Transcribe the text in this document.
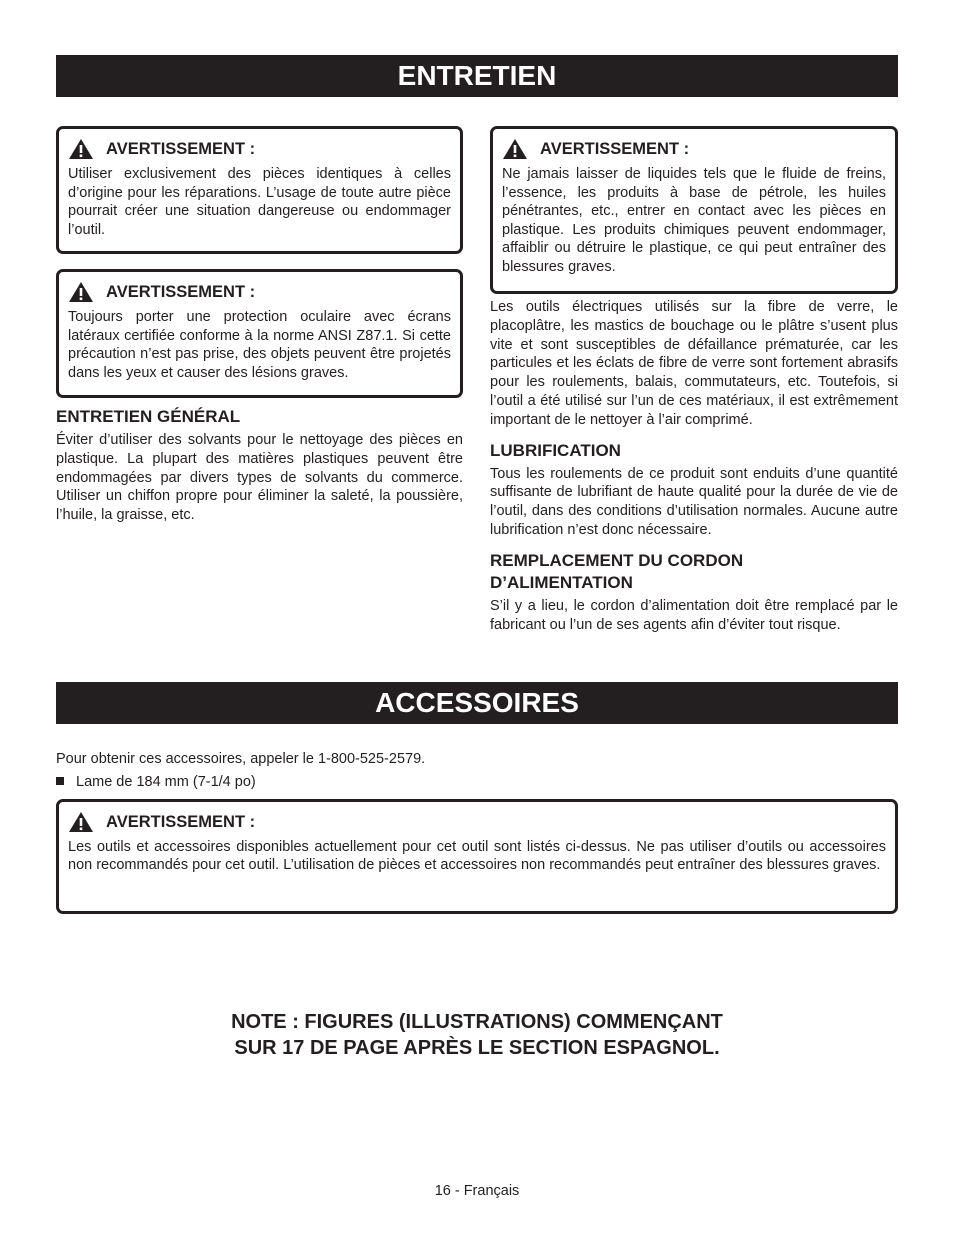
ENTRETIEN
AVERTISSEMENT :
Utiliser exclusivement des pièces identiques à celles d’origine pour les réparations. L’usage de toute autre pièce pourrait créer une situation dangereuse ou endommager l’outil.
AVERTISSEMENT :
Toujours porter une protection oculaire avec écrans latéraux certifiée conforme à la norme ANSI Z87.1. Si cette précaution n’est pas prise, des objets peuvent être projetés dans les yeux et causer des lésions graves.
ENTRETIEN GÉNÉRAL

Éviter d’utiliser des solvants pour le nettoyage des pièces en plastique. La plupart des matières plastiques peuvent être endommagées par divers types de solvants du commerce. Utiliser un chiffon propre pour éliminer la saleté, la poussière, l’huile, la graisse, etc.

AVERTISSEMENT :
Ne jamais laisser de liquides tels que le fluide de freins, l’essence, les produits à base de pétrole, les huiles pénétrantes, etc., entrer en contact avec les pièces en plastique. Les produits chimiques peuvent endommager, affaiblir ou détruire le plastique, ce qui peut entraîner des blessures graves.

Les outils électriques utilisés sur la fibre de verre, le placoplâtre, les mastics de bouchage ou le plâtre s’usent plus vite et sont susceptibles de défaillance prématurée, car les particules et les éclats de fibre de verre sont fortement abrasifs pour les roulements, balais, commutateurs, etc. Toutefois, si l’outil a été utilisé sur l’un de ces matériaux, il est extrêmement important de le nettoyer à l’air comprimé.

LUBRIFICATION

Tous les roulements de ce produit sont enduits d’une quantité suffisante de lubrifiant de haute qualité pour la durée de vie de l’outil, dans des conditions d’utilisation normales. Aucune autre lubrification n’est donc nécessaire.

REMPLACEMENT DU CORDON
D’ALIMENTATION

S’il y a lieu, le cordon d’alimentation doit être remplacé par le fabricant ou l’un de ses agents afin d’éviter tout risque.

ACCESSOIRES
Pour obtenir ces accessoires, appeler le 1-800-525-2579.
Lame de 184 mm (7-1/4 po)
AVERTISSEMENT :
Les outils et accessoires disponibles actuellement pour cet outil sont listés ci-dessus. Ne pas utiliser d’outils ou accessoires non recommandés pour cet outil. L’utilisation de pièces et accessoires non recommandés peut entraîner des blessures graves.
NOTE : FIGURES (ILLUSTRATIONS) COMMENÇANT
SUR 17 DE PAGE APRÈS LE SECTION ESPAGNOL.
16 - Français
